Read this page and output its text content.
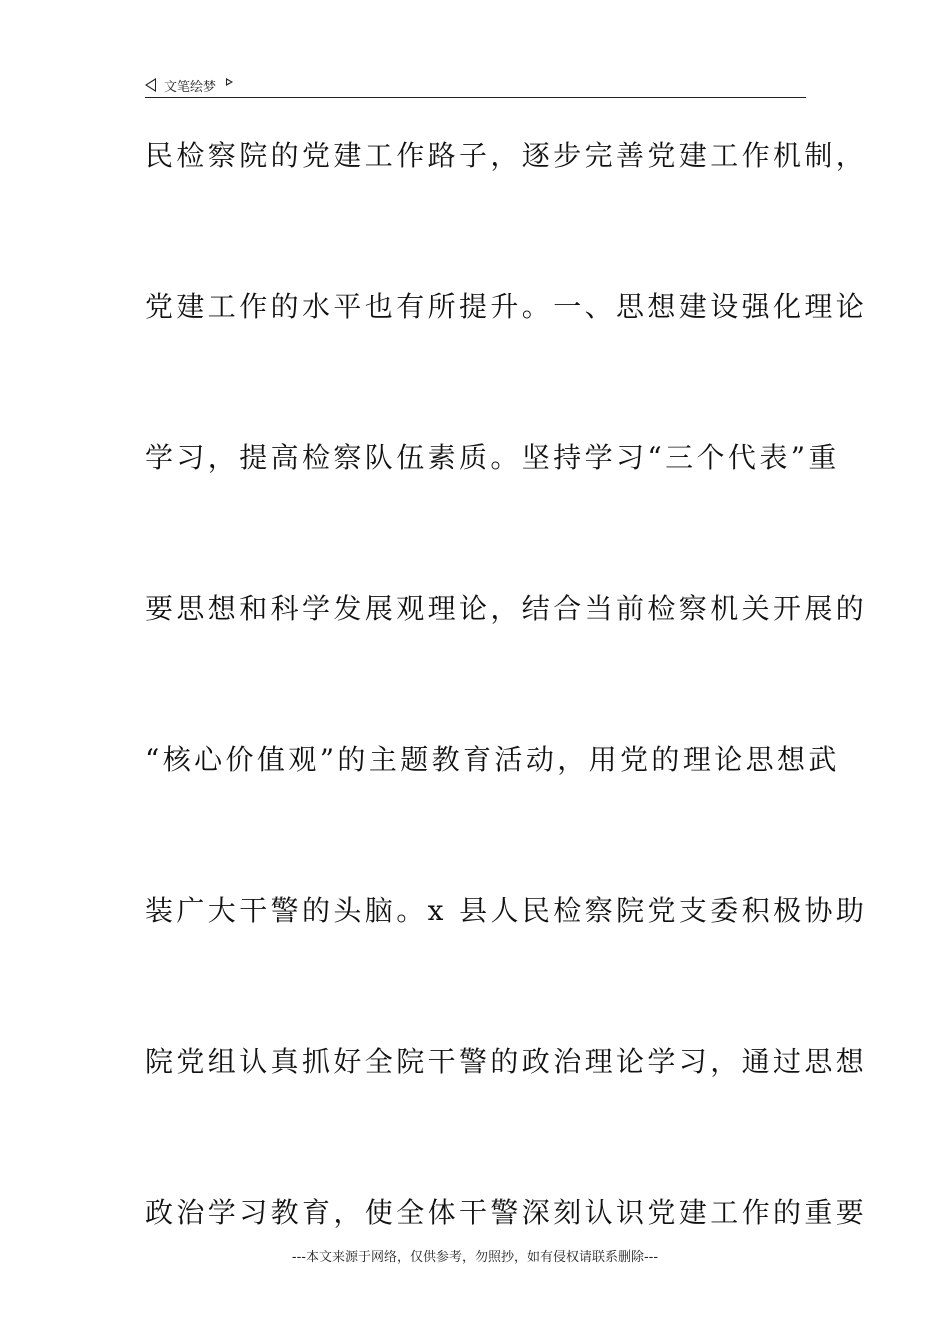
文笔绘梦
民检察院的党建工作路子，逐步完善党建工作机制，
党建工作的水平也有所提升。一、思想建设强化理论
学习，提高检察队伍素质。坚持学习“三个代表”重
要思想和科学发展观理论，结合当前检察机关开展的
“核心价值观”的主题教育活动，用党的理论思想武
装广大干警的头脑。x 县人民检察院党支委积极协助
院党组认真抓好全院干警的政治理论学习，通过思想
政治学习教育，使全体干警深刻认识党建工作的重要
---本文来源于网络，仅供参考，勿照抄，如有侵权请联系删除---
